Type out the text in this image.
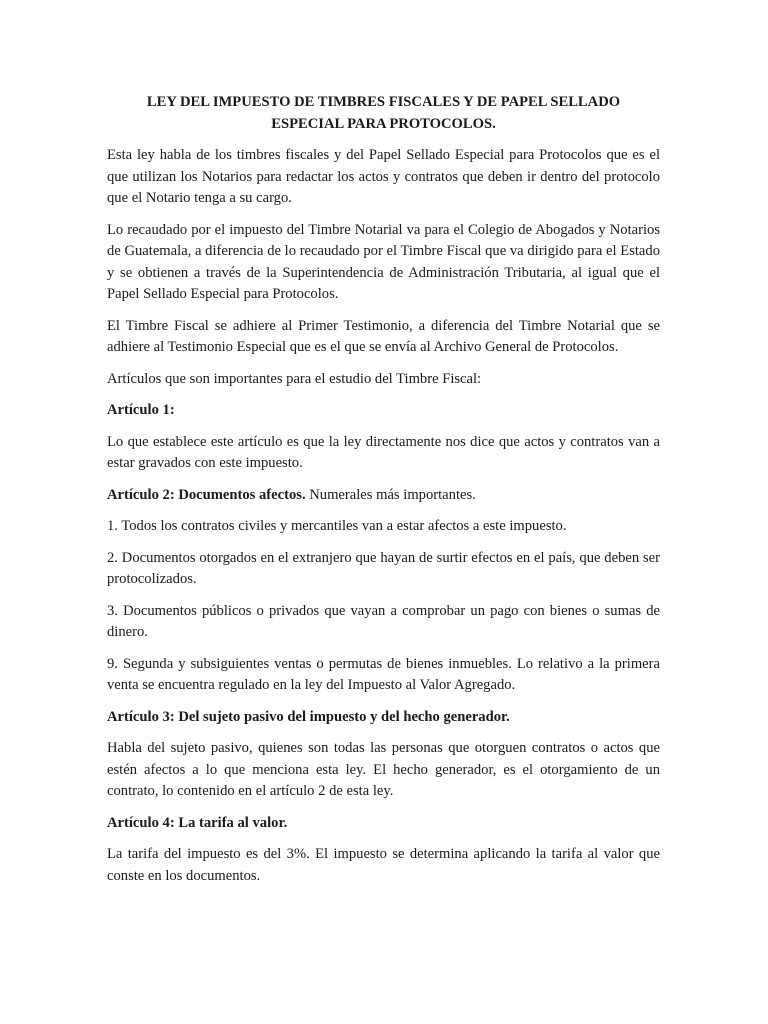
LEY DEL IMPUESTO DE TIMBRES FISCALES Y DE PAPEL SELLADO
ESPECIAL PARA PROTOCOLOS.

Esta ley habla de los timbres fiscales y del Papel Sellado Especial para Protocolos que es el que utilizan los Notarios para redactar los actos y contratos que deben ir dentro del protocolo que el Notario tenga a su cargo.

Lo recaudado por el impuesto del Timbre Notarial va para el Colegio de Abogados y Notarios de Guatemala, a diferencia de lo recaudado por el Timbre Fiscal que va dirigido para el Estado y se obtienen a través de la Superintendencia de Administración Tributaria, al igual que el Papel Sellado Especial para Protocolos.

El Timbre Fiscal se adhiere al Primer Testimonio, a diferencia del Timbre Notarial que se adhiere al Testimonio Especial que es el que se envía al Archivo General de Protocolos.

Artículos que son importantes para el estudio del Timbre Fiscal:

Artículo 1:

Lo que establece este artículo es que la ley directamente nos dice que actos y contratos van a estar gravados con este impuesto.

Artículo 2: Documentos afectos. Numerales más importantes.

1. Todos los contratos civiles y mercantiles van a estar afectos a este impuesto.

2. Documentos otorgados en el extranjero que hayan de surtir efectos en el país, que deben ser protocolizados.

3. Documentos públicos o privados que vayan a comprobar un pago con bienes o sumas de dinero.

9. Segunda y subsiguientes ventas o permutas de bienes inmuebles. Lo relativo a la primera venta se encuentra regulado en la ley del Impuesto al Valor Agregado.

Artículo 3: Del sujeto pasivo del impuesto y del hecho generador.

Habla del sujeto pasivo, quienes son todas las personas que otorguen contratos o actos que estén afectos a lo que menciona esta ley. El hecho generador, es el otorgamiento de un contrato, lo contenido en el artículo 2 de esta ley.

Artículo 4: La tarifa al valor.

La tarifa del impuesto es del 3%. El impuesto se determina aplicando la tarifa al valor que conste en los documentos.
